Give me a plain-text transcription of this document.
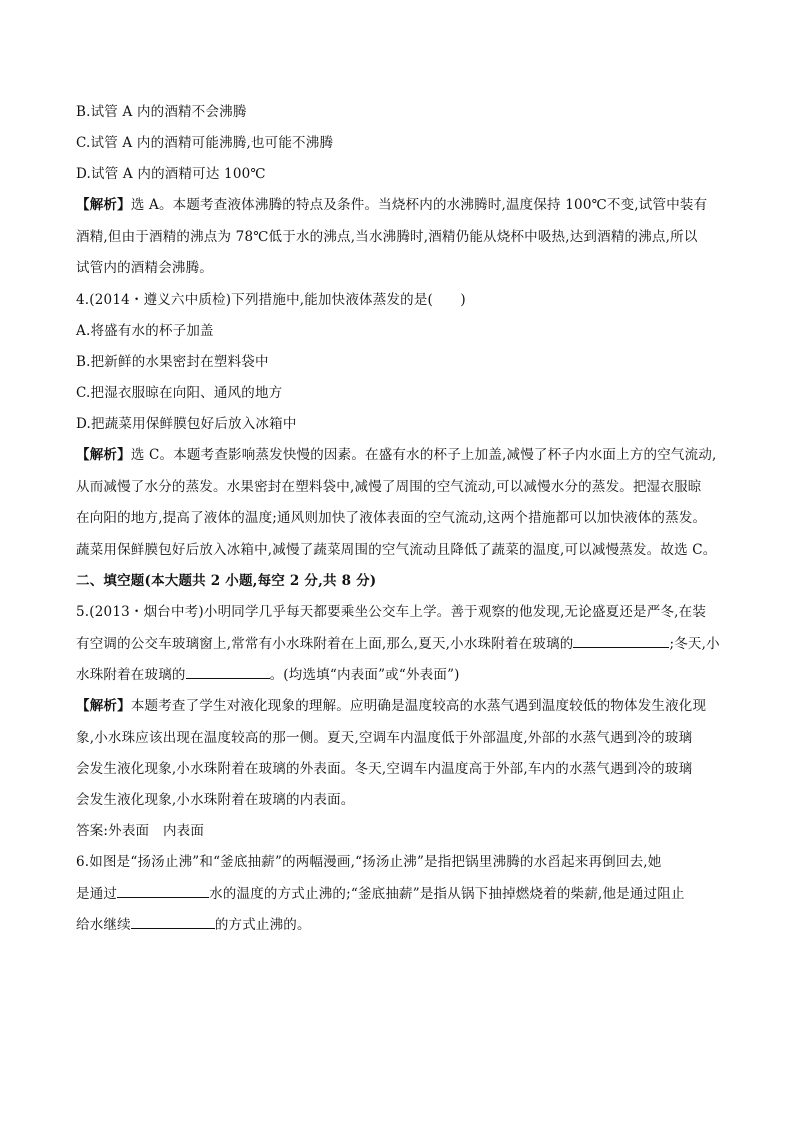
B.试管 A 内的酒精不会沸腾
C.试管 A 内的酒精可能沸腾,也可能不沸腾
D.试管 A 内的酒精可达 100℃
【解析】选 A。本题考查液体沸腾的特点及条件。当烧杯内的水沸腾时,温度保持 100℃不变,试管中装有
酒精,但由于酒精的沸点为 78℃低于水的沸点,当水沸腾时,酒精仍能从烧杯中吸热,达到酒精的沸点,所以
试管内的酒精会沸腾。
4.(2014・遵义六中质检)下列措施中,能加快液体蒸发的是(　　)
A.将盛有水的杯子加盖
B.把新鲜的水果密封在塑料袋中
C.把湿衣服晾在向阳、通风的地方
D.把蔬菜用保鲜膜包好后放入冰箱中
【解析】选 C。本题考查影响蒸发快慢的因素。在盛有水的杯子上加盖,减慢了杯子内水面上方的空气流动,
从而减慢了水分的蒸发。水果密封在塑料袋中,减慢了周围的空气流动,可以减慢水分的蒸发。把湿衣服晾
在向阳的地方,提高了液体的温度;通风则加快了液体表面的空气流动,这两个措施都可以加快液体的蒸发。
蔬菜用保鲜膜包好后放入冰箱中,减慢了蔬菜周围的空气流动且降低了蔬菜的温度,可以减慢蒸发。故选 C。
二、填空题(本大题共 2 小题,每空 2 分,共 8 分)
5.(2013・烟台中考)小明同学几乎每天都要乘坐公交车上学。善于观察的他发现,无论盛夏还是严冬,在装
有空调的公交车玻璃窗上,常常有小水珠附着在上面,那么,夏天,小水珠附着在玻璃的	;冬天,小
水珠附着在玻璃的	。(均选填“内表面”或“外表面”)
【解析】本题考查了学生对液化现象的理解。应明确是温度较高的水蒸气遇到温度较低的物体发生液化现
象,小水珠应该出现在温度较高的那一侧。夏天,空调车内温度低于外部温度,外部的水蒸气遇到冷的玻璃
会发生液化现象,小水珠附着在玻璃的外表面。冬天,空调车内温度高于外部,车内的水蒸气遇到冷的玻璃
会发生液化现象,小水珠附着在玻璃的内表面。
答案:外表面　内表面
6.如图是“扬汤止沸”和“釜底抽薪”的两幅漫画,“扬汤止沸”是指把锅里沸腾的水舀起来再倒回去,她
是通过	水的温度的方式止沸的;“釜底抽薪”是指从锅下抽掉燃烧着的柴薪,他是通过阻止
给水继续	的方式止沸的。
